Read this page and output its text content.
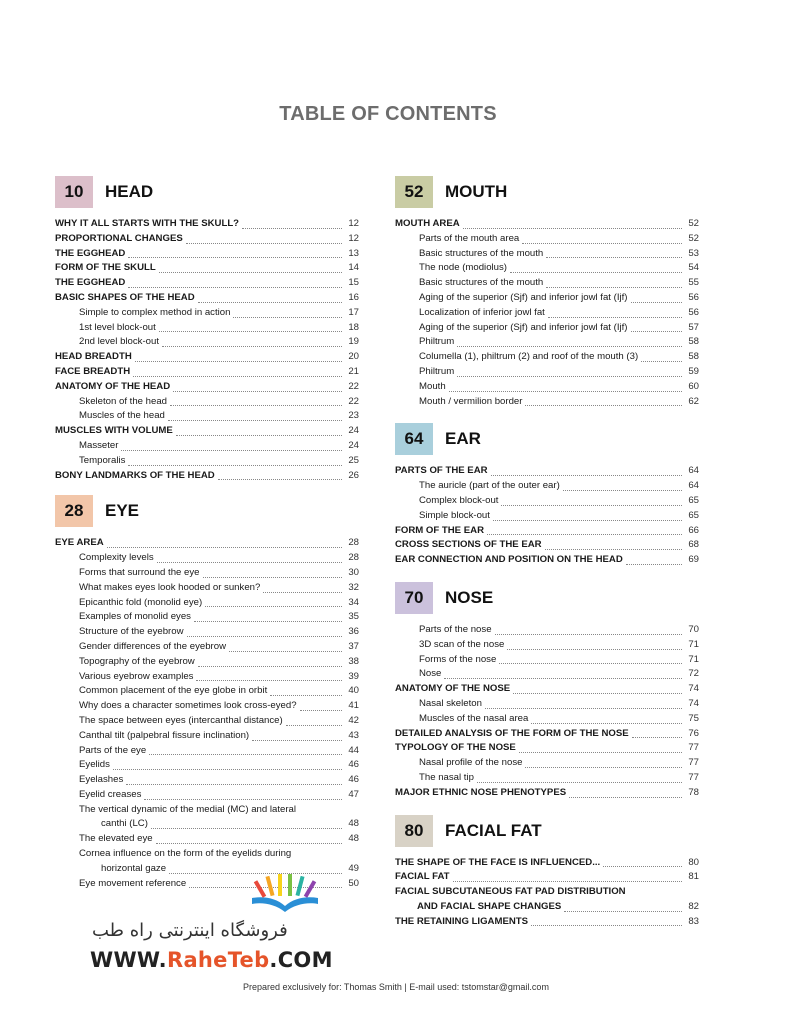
TABLE OF CONTENTS
10	HEAD
WHY IT ALL STARTS WITH THE SKULL?	12
PROPORTIONAL CHANGES	12
THE EGGHEAD	13
FORM OF THE SKULL	14
THE EGGHEAD	15
BASIC SHAPES OF THE HEAD	16
Simple to complex method in action	17
1st level block-out	18
2nd level block-out	19
HEAD BREADTH	20
FACE BREADTH	21
ANATOMY OF THE HEAD	22
Skeleton of the head	22
Muscles of the head	23
MUSCLES WITH VOLUME	24
Masseter	24
Temporalis	25
BONY LANDMARKS OF THE HEAD	26
28	EYE
EYE AREA	28
Complexity levels	28
Forms that surround the eye	30
What makes eyes look hooded or sunken?	32
Epicanthic fold (monolid eye)	34
Examples of monolid eyes	35
Structure of the eyebrow	36
Gender differences of the eyebrow	37
Topography of the eyebrow	38
Various eyebrow examples	39
Common placement of the eye globe in orbit	40
Why does a character sometimes look cross-eyed?	41
The space between eyes (intercanthal distance)	42
Canthal tilt (palpebral fissure inclination)	43
Parts of the eye	44
Eyelids	46
Eyelashes	46
Eyelid creases	47
The vertical dynamic of the medial (MC) and lateral
canthi (LC)	48
The elevated eye	48
Cornea influence on the form of the eyelids during
horizontal gaze	49
Eye movement reference	50
52	MOUTH
MOUTH AREA	52
Parts of the mouth area	52
Basic structures of the mouth	53
The node (modiolus)	54
Basic structures of the mouth	55
Aging of the superior (Sjf) and inferior jowl fat (Ijf)	56
Localization of inferior jowl fat	56
Aging of the superior (Sjf) and inferior jowl fat (Ijf)	57
Philtrum	58
Columella (1), philtrum (2) and roof of the mouth (3)	58
Philtrum	59
Mouth	60
Mouth / vermilion border	62
64	EAR
PARTS OF THE EAR	64
The auricle (part of the outer ear)	64
Complex block-out	65
Simple block-out	65
FORM OF THE EAR	66
CROSS SECTIONS OF THE EAR	68
EAR CONNECTION AND POSITION ON THE HEAD	69
70	NOSE
Parts of the nose	70
3D scan of the nose	71
Forms of the nose	71
Nose	72
ANATOMY OF THE NOSE	74
Nasal skeleton	74
Muscles of the nasal area	75
DETAILED ANALYSIS OF THE FORM OF THE NOSE	76
TYPOLOGY OF THE NOSE	77
Nasal profile of the nose	77
The nasal tip	77
MAJOR ETHNIC NOSE PHENOTYPES	78
80	FACIAL FAT
THE SHAPE OF THE FACE IS INFLUENCED...	80
FACIAL FAT	81
FACIAL SUBCUTANEOUS FAT PAD DISTRIBUTION
AND FACIAL SHAPE CHANGES	82
THE RETAINING LIGAMENTS	83
فروشگاه اینترنتی راه طب
WWW.RaheTeb.COM
Prepared exclusively for: Thomas Smith | E-mail used: tstomstar@gmail.com
